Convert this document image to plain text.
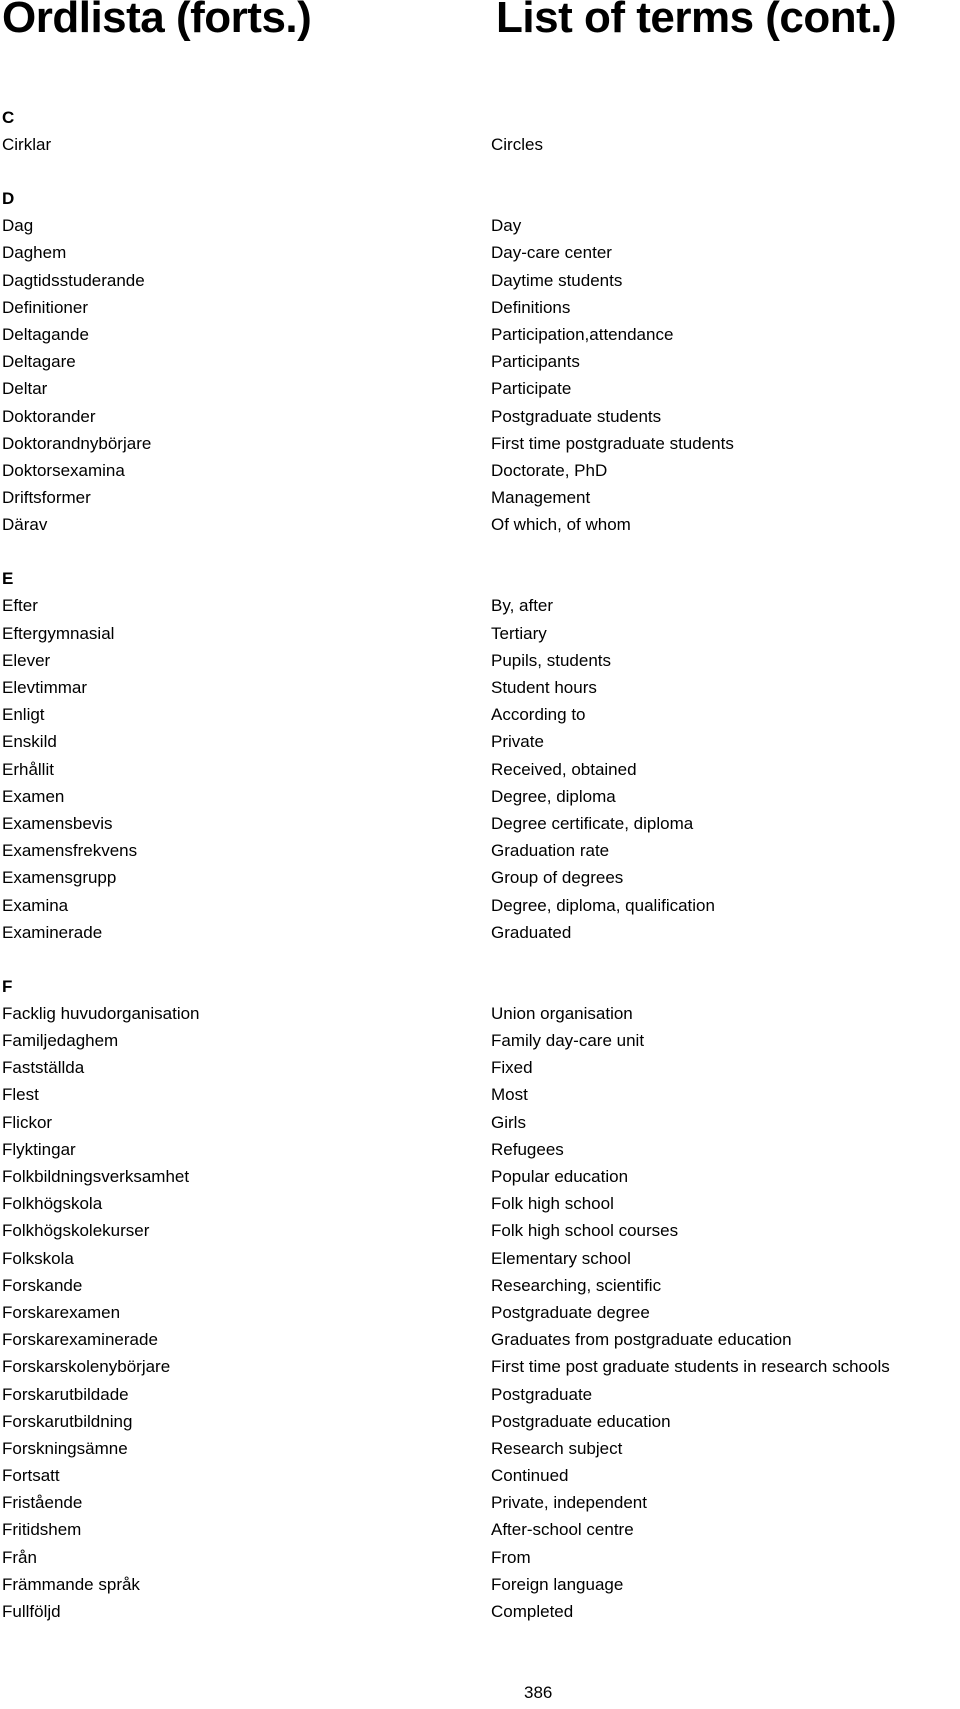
Ordlista (forts.)	List of terms (cont.)
C
Cirklar	Circles
D
Dag	Day
Daghem	Day-care center
Dagtidsstuderande	Daytime students
Definitioner	Definitions
Deltagande	Participation,attendance
Deltagare	Participants
Deltar	Participate
Doktorander	Postgraduate students
Doktorandnybörjare	First time postgraduate students
Doktorsexamina	Doctorate, PhD
Driftsformer	Management
Därav	Of which, of whom
E
Efter	By, after
Eftergymnasial	Tertiary
Elever	Pupils, students
Elevtimmar	Student hours
Enligt	According to
Enskild	Private
Erhållit	Received, obtained
Examen	Degree, diploma
Examensbevis	Degree certificate, diploma
Examensfrekvens	Graduation rate
Examensgrupp	Group of degrees
Examina	Degree, diploma, qualification
Examinerade	Graduated
F
Facklig huvudorganisation	Union organisation
Familjedaghem	Family day-care unit
Fastställda	Fixed
Flest	Most
Flickor	Girls
Flyktingar	Refugees
Folkbildningsverksamhet	Popular education
Folkhögskola	Folk high school
Folkhögskolekurser	Folk high school courses
Folkskola	Elementary school
Forskande	Researching, scientific
Forskarexamen	Postgraduate degree
Forskarexaminerade	Graduates from postgraduate education
Forskarskolenybörjare	First time post graduate students in research schools
Forskarutbildade	Postgraduate
Forskarutbildning	Postgraduate education
Forskningsämne	Research subject
Fortsatt	Continued
Fristående	Private, independent
Fritidshem	After-school centre
Från	From
Främmande språk	Foreign language
Fullföljd	Completed
386
